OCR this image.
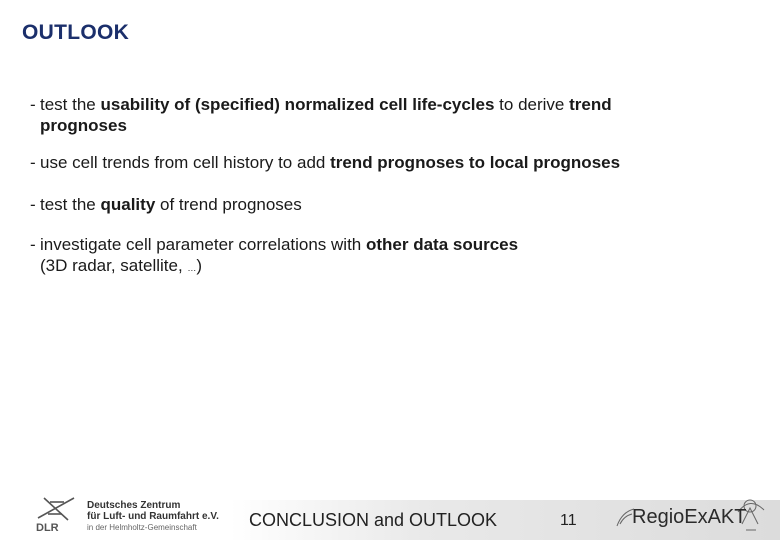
OUTLOOK
- test the usability of (specified) normalized cell life-cycles to derive trend
prognoses
- use cell trends from cell history to add trend prognoses to local prognoses
- test the quality of trend prognoses
- investigate cell parameter correlations with other data sources
(3D radar, satellite, …)
DLR
Deutsches Zentrum
für Luft- und Raumfahrt e.V.
in der Helmholtz-Gemeinschaft	CONCLUSION and OUTLOOK	11	RegioExAKT
